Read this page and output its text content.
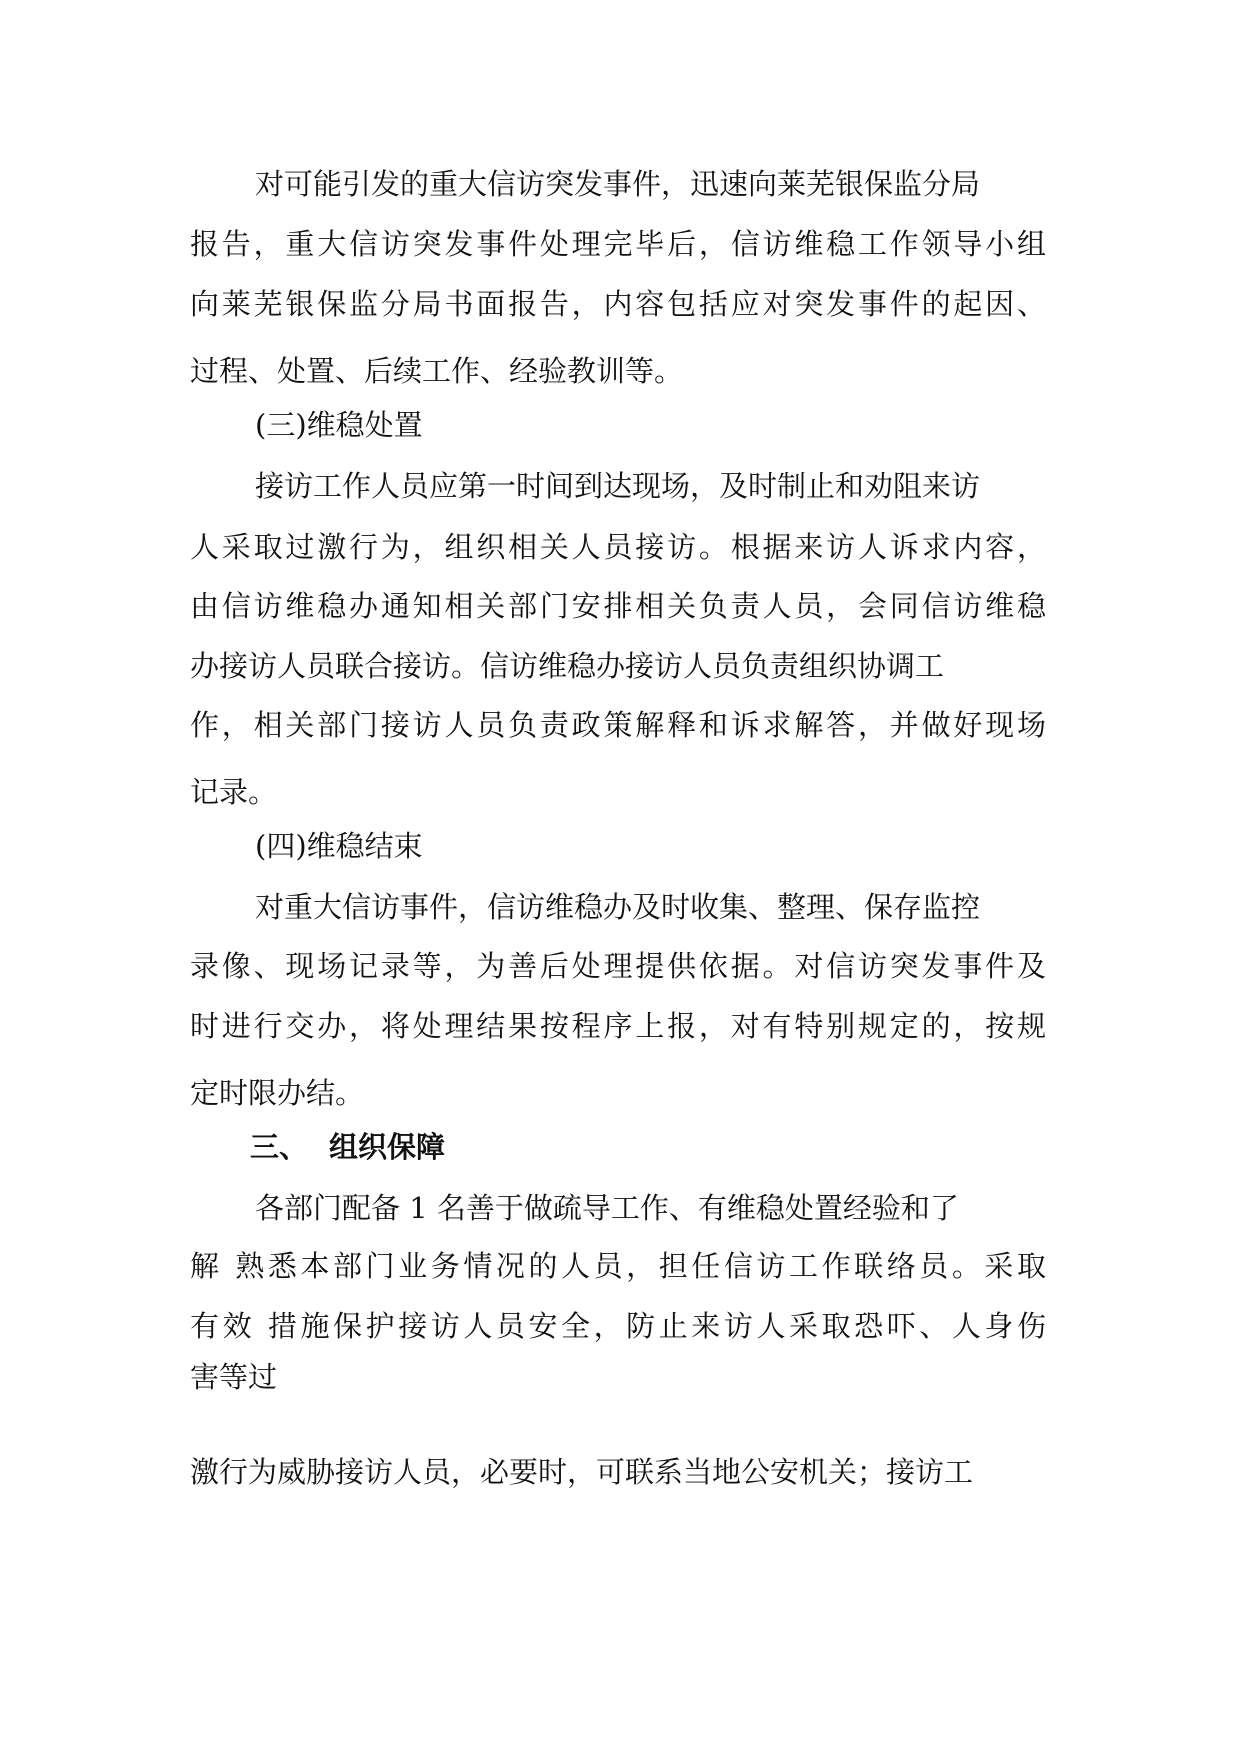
对可能引发的重大信访突发事件，迅速向莱芜银保监分局
报告，重大信访突发事件处理完毕后，信访维稳工作领导小组
向莱芜银保监分局书面报告，内容包括应对突发事件的起因、
过程、处置、后续工作、经验教训等。
(三)维稳处置
接访工作人员应第一时间到达现场，及时制止和劝阻来访
人采取过激行为，组织相关人员接访。根据来访人诉求内容，
由信访维稳办通知相关部门安排相关负责人员，会同信访维稳
办接访人员联合接访。信访维稳办接访人员负责组织协调工
作，相关部门接访人员负责政策解释和诉求解答，并做好现场
记录。
(四)维稳结束
对重大信访事件，信访维稳办及时收集、整理、保存监控
录像、现场记录等，为善后处理提供依据。对信访突发事件及
时进行交办，将处理结果按程序上报，对有特别规定的，按规
定时限办结。
三、 组织保障
各部门配备 1 名善于做疏导工作、有维稳处置经验和了
解 熟悉本部门业务情况的人员，担任信访工作联络员。采取
有效 措施保护接访人员安全，防止来访人采取恐吓、人身伤
害等过
激行为威胁接访人员，必要时，可联系当地公安机关；接访工
